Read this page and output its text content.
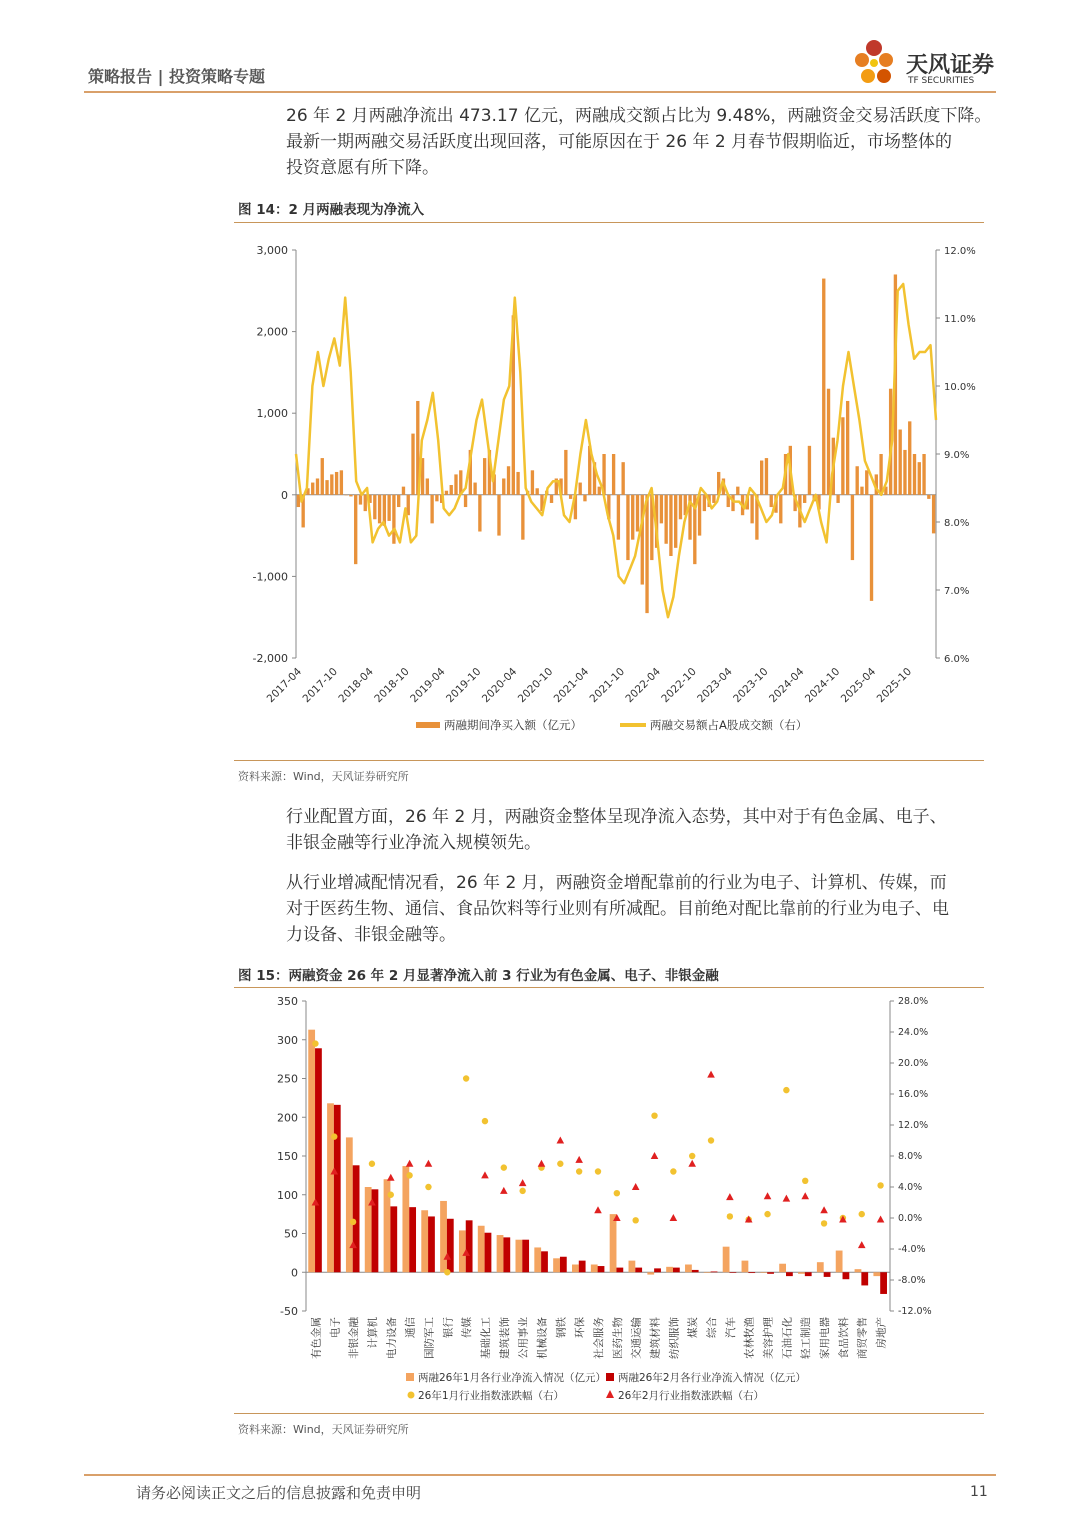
策略报告 | 投资策略专题	天风证券
TF SECURITIES

26 年 2 月两融净流出 473.17 亿元，两融成交额占比为 9.48%，两融资金交易活跃度下降。

最新一期两融交易活跃度出现回落，可能原因在于 26 年 2 月春节假期临近，市场整体的

投资意愿有所下降。

图 14：2 月两融表现为净流入
3,000
2,000
1,000
0
-1,000
-2,000
12.0%
11.0%
10.0%
9.0%
8.0%
7.0%
6.0%
2017-04
2017-10
2018-04
2018-10
2019-04
2019-10
2020-04
2020-10
2021-04
2021-10
2022-04
2022-10
2023-04
2023-10
2024-04
2024-10
2025-04
2025-10
两融期间净买入额（亿元）	两融交易额占A股成交额（右）
资料来源：Wind，天风证券研究所

行业配置方面，26 年 2 月，两融资金整体呈现净流入态势，其中对于有色金属、电子、

非银金融等行业净流入规模领先。

从行业增减配情况看，26 年 2 月，两融资金增配靠前的行业为电子、计算机、传媒，而

对于医药生物、通信、食品饮料等行业则有所减配。目前绝对配比靠前的行业为电子、电

力设备、非银金融等。

图 15：两融资金 26 年 2 月显著净流入前 3 行业为有色金属、电子、非银金融
350
300
250
200
150
100
50
0
-50
28.0%
24.0%
20.0%
16.0%
12.0%
8.0%
4.0%
0.0%
-4.0%
-8.0%
-12.0%
有色金属 电子 非银金融 计算机 电力设备 通信 国防军工 银行 传媒 基础化工 建筑装饰 公用事业 机械设备 钢铁 环保 社会服务 医药生物 交通运输 建筑材料 纺织服饰 煤炭 综合 汽车 农林牧渔 美容护理 石油石化 轻工制造 家用电器 食品饮料 商贸零售 房地产
两融26年1月各行业净流入情况（亿元） 两融26年2月各行业净流入情况（亿元）
26年1月行业指数涨跌幅（右）	26年2月行业指数涨跌幅（右）
资料来源：Wind，天风证券研究所
请务必阅读正文之后的信息披露和免责申明	11
